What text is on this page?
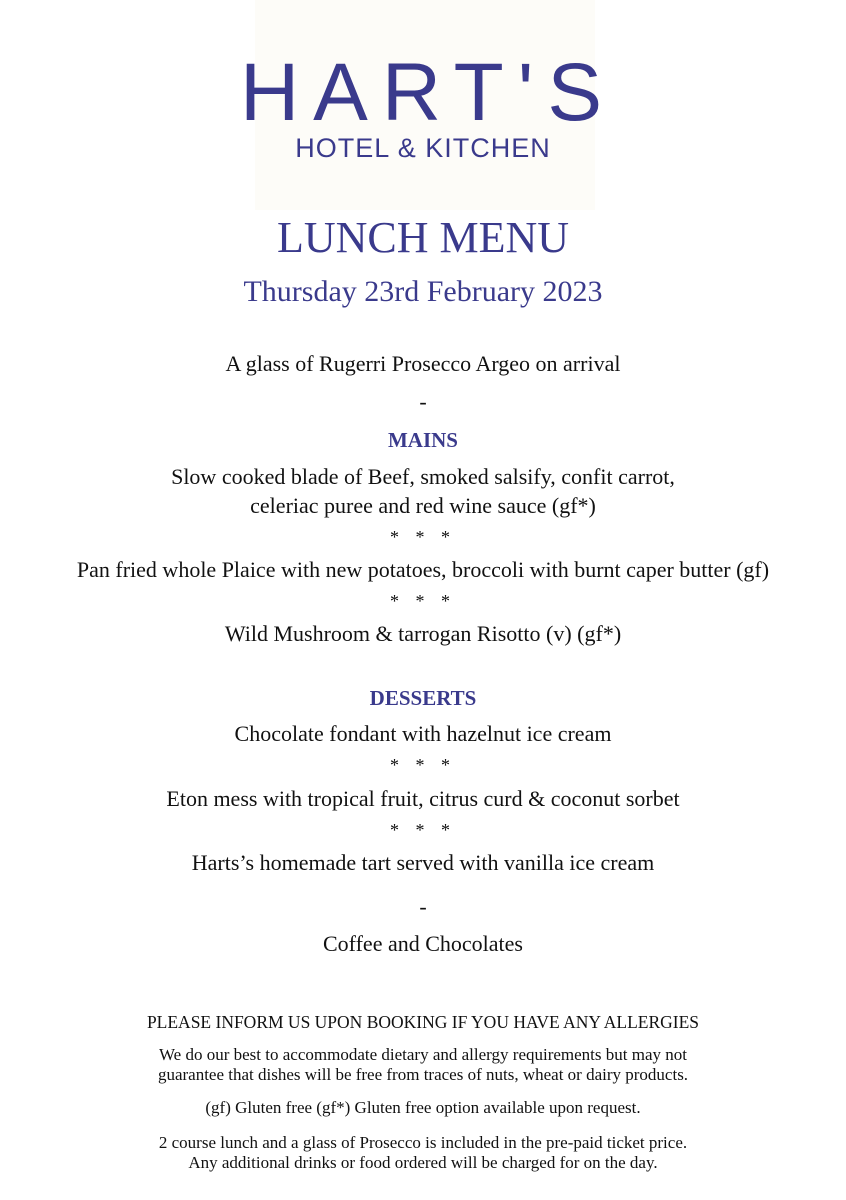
HART'S
HOTEL & KITCHEN
LUNCH MENU
Thursday 23rd February 2023
A glass of Rugerri Prosecco Argeo on arrival
-
MAINS
Slow cooked blade of Beef, smoked salsify, confit carrot,
celeriac puree and red wine sauce (gf*)
* * *
Pan fried whole Plaice with new potatoes, broccoli with burnt caper butter (gf)
* * *
Wild Mushroom & tarrogan Risotto (v) (gf*)
DESSERTS
Chocolate fondant with hazelnut ice cream
* * *
Eton mess with tropical fruit, citrus curd & coconut sorbet
* * *
Harts’s homemade tart served with vanilla ice cream
-
Coffee and Chocolates
PLEASE INFORM US UPON BOOKING IF YOU HAVE ANY ALLERGIES
We do our best to accommodate dietary and allergy requirements but may not
guarantee that dishes will be free from traces of nuts, wheat or dairy products.
(gf) Gluten free (gf*) Gluten free option available upon request.
2 course lunch and a glass of Prosecco is included in the pre-paid ticket price.
Any additional drinks or food ordered will be charged for on the day.
